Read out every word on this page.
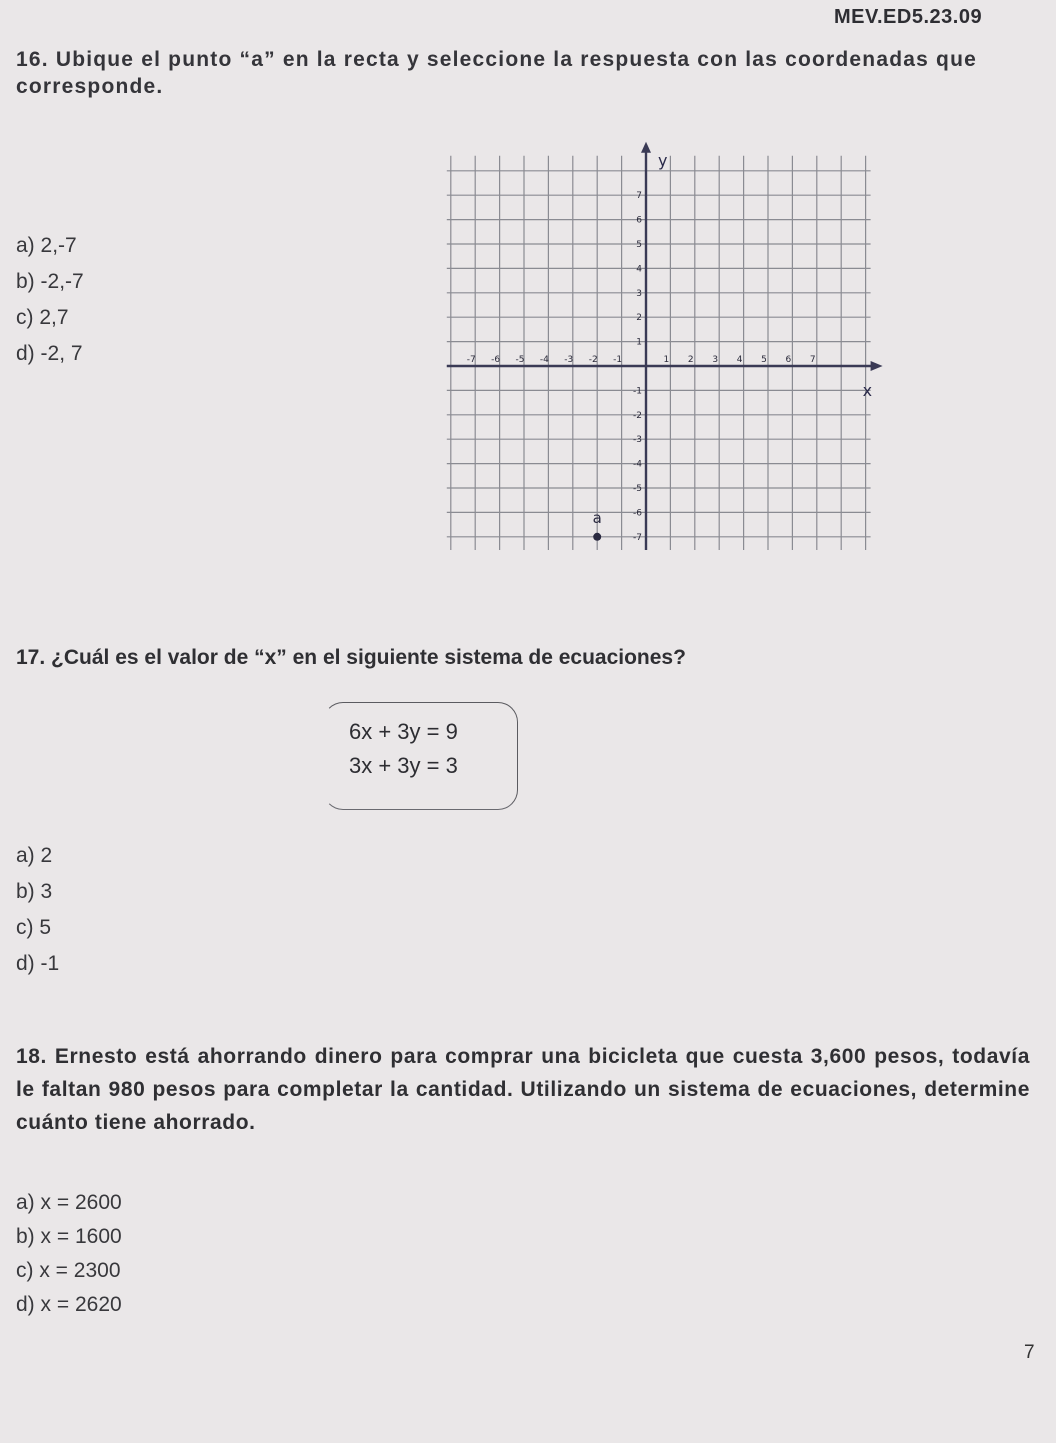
MEV.ED5.23.09
16. Ubique el punto “a” en la recta y seleccione la respuesta con las coordenadas que corresponde.
a) 2,-7
b) -2,-7
c) 2,7
d) -2, 7
x
y
-7 -6 -5 -4 -3 -2 -1	1 2 3 4 5 6 7
7
6
5
4
3
2
1
-1
-2
-3
-4
-5
-6
-7
a
17. ¿Cuál es el valor de “x” en el siguiente sistema de ecuaciones?
6x + 3y = 9
3x + 3y = 3
a) 2
b) 3
c) 5
d) -1
18. Ernesto está ahorrando dinero para comprar una bicicleta que cuesta 3,600 pesos, todavía le faltan 980 pesos para completar la cantidad. Utilizando un sistema de ecuaciones, determine cuánto tiene ahorrado.
a) x = 2600
b) x = 1600
c) x = 2300
d) x = 2620
7
